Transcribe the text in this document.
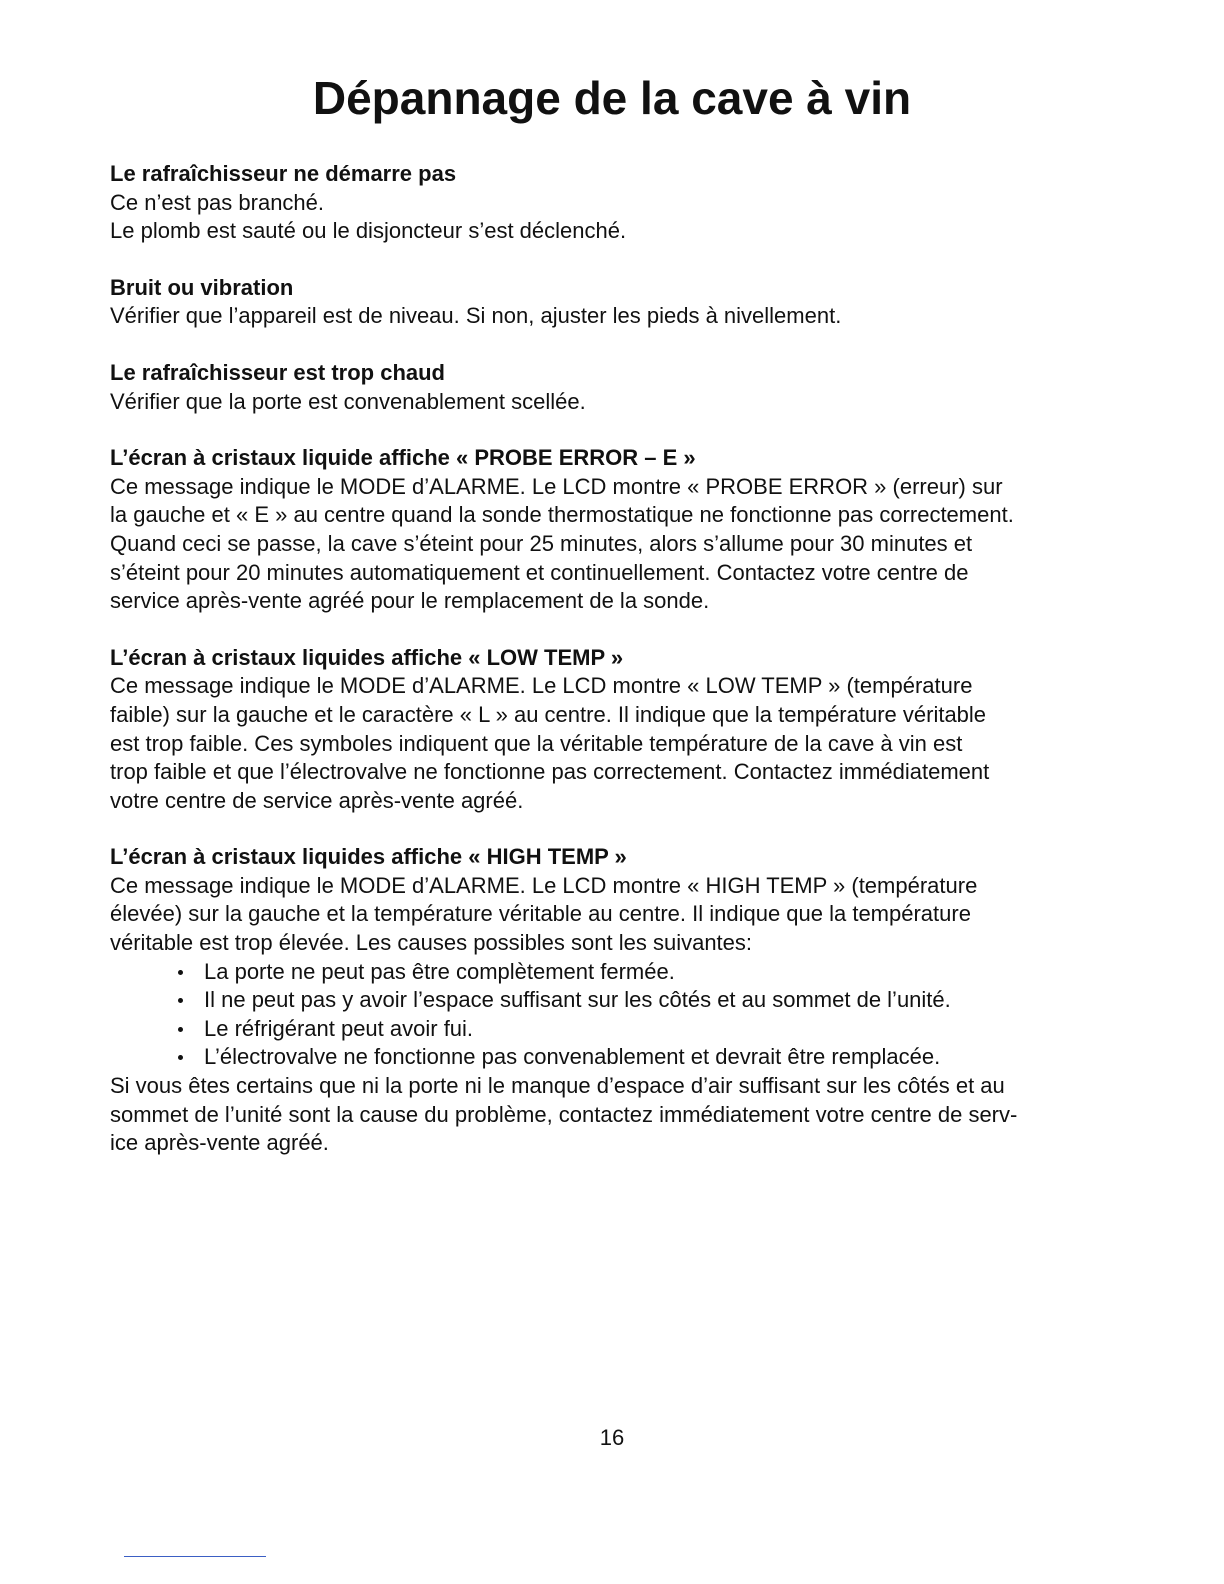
Dépannage de la cave à vin

Le rafraîchisseur ne démarre pas

Ce n’est pas branché.

Le plomb est sauté ou le disjoncteur s’est déclenché.

Bruit ou vibration

Vérifier que l’appareil est de niveau. Si non, ajuster les pieds à nivellement.

Le rafraîchisseur est trop chaud

Vérifier que la porte est convenablement scellée.

L’écran à cristaux liquide affiche « PROBE ERROR – E »

Ce message indique le MODE d’ALARME. Le LCD montre « PROBE ERROR » (erreur) sur

la gauche et « E » au centre quand la sonde thermostatique ne fonctionne pas correctement.

Quand ceci se passe, la cave s’éteint pour 25 minutes, alors s’allume pour 30 minutes et

s’éteint pour 20 minutes automatiquement et continuellement. Contactez votre centre de

service après-vente agréé pour le remplacement de la sonde.

L’écran à cristaux liquides affiche « LOW TEMP »

Ce message indique le MODE d’ALARME. Le LCD montre « LOW TEMP » (température

faible) sur la gauche et le caractère « L » au centre. Il indique que la température véritable

est trop faible. Ces symboles indiquent que la véritable température de la cave à vin est

trop faible et que l’électrovalve ne fonctionne pas correctement. Contactez immédiatement

votre centre de service après-vente agréé.

L’écran à cristaux liquides affiche « HIGH TEMP »

Ce message indique le MODE d’ALARME. Le LCD montre « HIGH TEMP » (température

élevée) sur la gauche et la température véritable au centre. Il indique que la température

véritable est trop élevée. Les causes possibles sont les suivantes:

La porte ne peut pas être complètement fermée.
Il ne peut pas y avoir l’espace suffisant sur les côtés et au sommet de l’unité.
Le réfrigérant peut avoir fui.
L’électrovalve ne fonctionne pas convenablement et devrait être remplacée.

Si vous êtes certains que ni la porte ni le manque d’espace d’air suffisant sur les côtés et au

sommet de l’unité sont la cause du problème, contactez immédiatement votre centre de serv-

ice après-vente agréé.

16
